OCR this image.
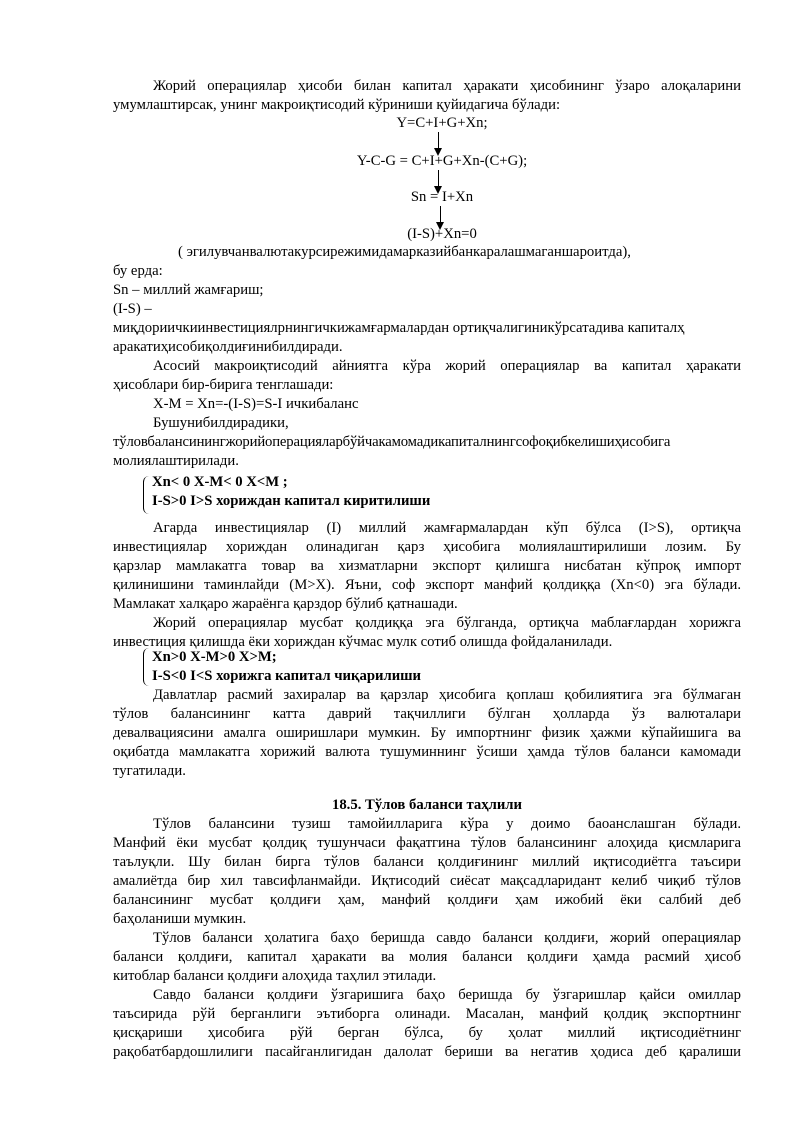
Жорий операциялар ҳисоби билан капитал ҳаракати ҳисобининг ўзаро алоқаларини

умумлаштирсак, унинг макроиқтисодий кўриниши қуйидагича бўлади:

Y=C+I+G+Xn;

Y-C-G = C+I+G+Xn-(C+G);

Sn = I+Xn

(I-S)+Xn=0

( эгилувчанвалютакурсирежимидамарказийбанкаралашмаганшароитда),

бу ерда:

Sn – миллий жамғариш;

(I-S) –

миқдориичкиинвестициялрнингичкижамғармалардан ортиқчалигиникўрсатадива капиталҳ

аракатиҳисобиқолдиғинибилдиради.

Асосий макроиқтисодий айниятга кўра жорий операциялар ва капитал ҳаракати

ҳисоблари бир-бирига тенглашади:

X-M = Xn=-(I-S)=S-I ичкибаланс

Бушунибилдирадики,

тўловбалансинингжорийоперацияларбўйчакамомадикапиталнингсофоқибкелишиҳисобига

молиялаштирилади.

Xn< 0 X-M< 0 X<M ;

I-S>0 I>S хориждан капитал киритилиши

Агарда инвестициялар (I) миллий жамғармалардан кўп бўлса (I>S), ортиқча

инвестициялар хориждан олинадиган қарз ҳисобига молиялаштирилиши лозим. Бу

қарзлар мамлакатга товар ва хизматларни экспорт қилишга нисбатан кўпроқ импорт

қилинишини таминлайди (M>X). Яъни, соф экспорт манфий қолдиққа (Xn<0) эга бўлади.

Мамлакат халқаро жараёнга қарздор бўлиб қатнашади.

Жорий операциялар мусбат қолдиққа эга бўлганда, ортиқча маблағлардан хорижга

инвестиция қилишда ёки хориждан кўчмас мулк сотиб олишда фойдаланилади.

Xn>0 X-M>0 X>M;

I-S<0 I<S хорижга капитал чиқарилиши

Давлатлар расмий захиралар ва қарзлар ҳисобига қоплаш қобилиятига эга бўлмаган

тўлов балансининг катта даврий тақчиллиги бўлган ҳолларда ўз валюталари

девалвациясини амалга оширишлари мумкин. Бу импортнинг физик ҳажми кўпайишига ва

оқибатда мамлакатга хорижий валюта тушуминнинг ўсиши ҳамда тўлов баланси камомади

тугатилади.

18.5. Тўлов баланси таҳлили

Тўлов балансини тузиш тамойилларига кўра у доимо баоанслашган бўлади.

Манфий ёки мусбат қолдиқ тушунчаси фақатгина тўлов балансининг алоҳида қисмларига

таълуқли. Шу билан бирга тўлов баланси қолдиғининг миллий иқтисодиётга таъсири

амалиётда бир хил тавсифланмайди. Иқтисодий сиёсат мақсадларидант келиб чиқиб тўлов

балансининг мусбат қолдиғи ҳам, манфий қолдиғи ҳам ижобий ёки салбий деб

баҳоланиши мумкин.

Тўлов баланси ҳолатига баҳо беришда савдо баланси қолдиғи, жорий операциялар

баланси қолдиғи, капитал ҳаракати ва молия баланси қолдиғи ҳамда расмий ҳисоб

китоблар баланси қолдиғи алоҳида таҳлил этилади.

Савдо баланси қолдиғи ўзгаришига баҳо беришда бу ўзгаришлар қайси омиллар

таъсирида рўй берганлиги эътиборга олинади. Масалан, манфий қолдиқ экспортнинг

қисқариши ҳисобига рўй берган бўлса, бу ҳолат миллий иқтисодиётнинг

рақобатбардошлилиги пасайганлигидан далолат бериши ва негатив ҳодиса деб қаралиши
